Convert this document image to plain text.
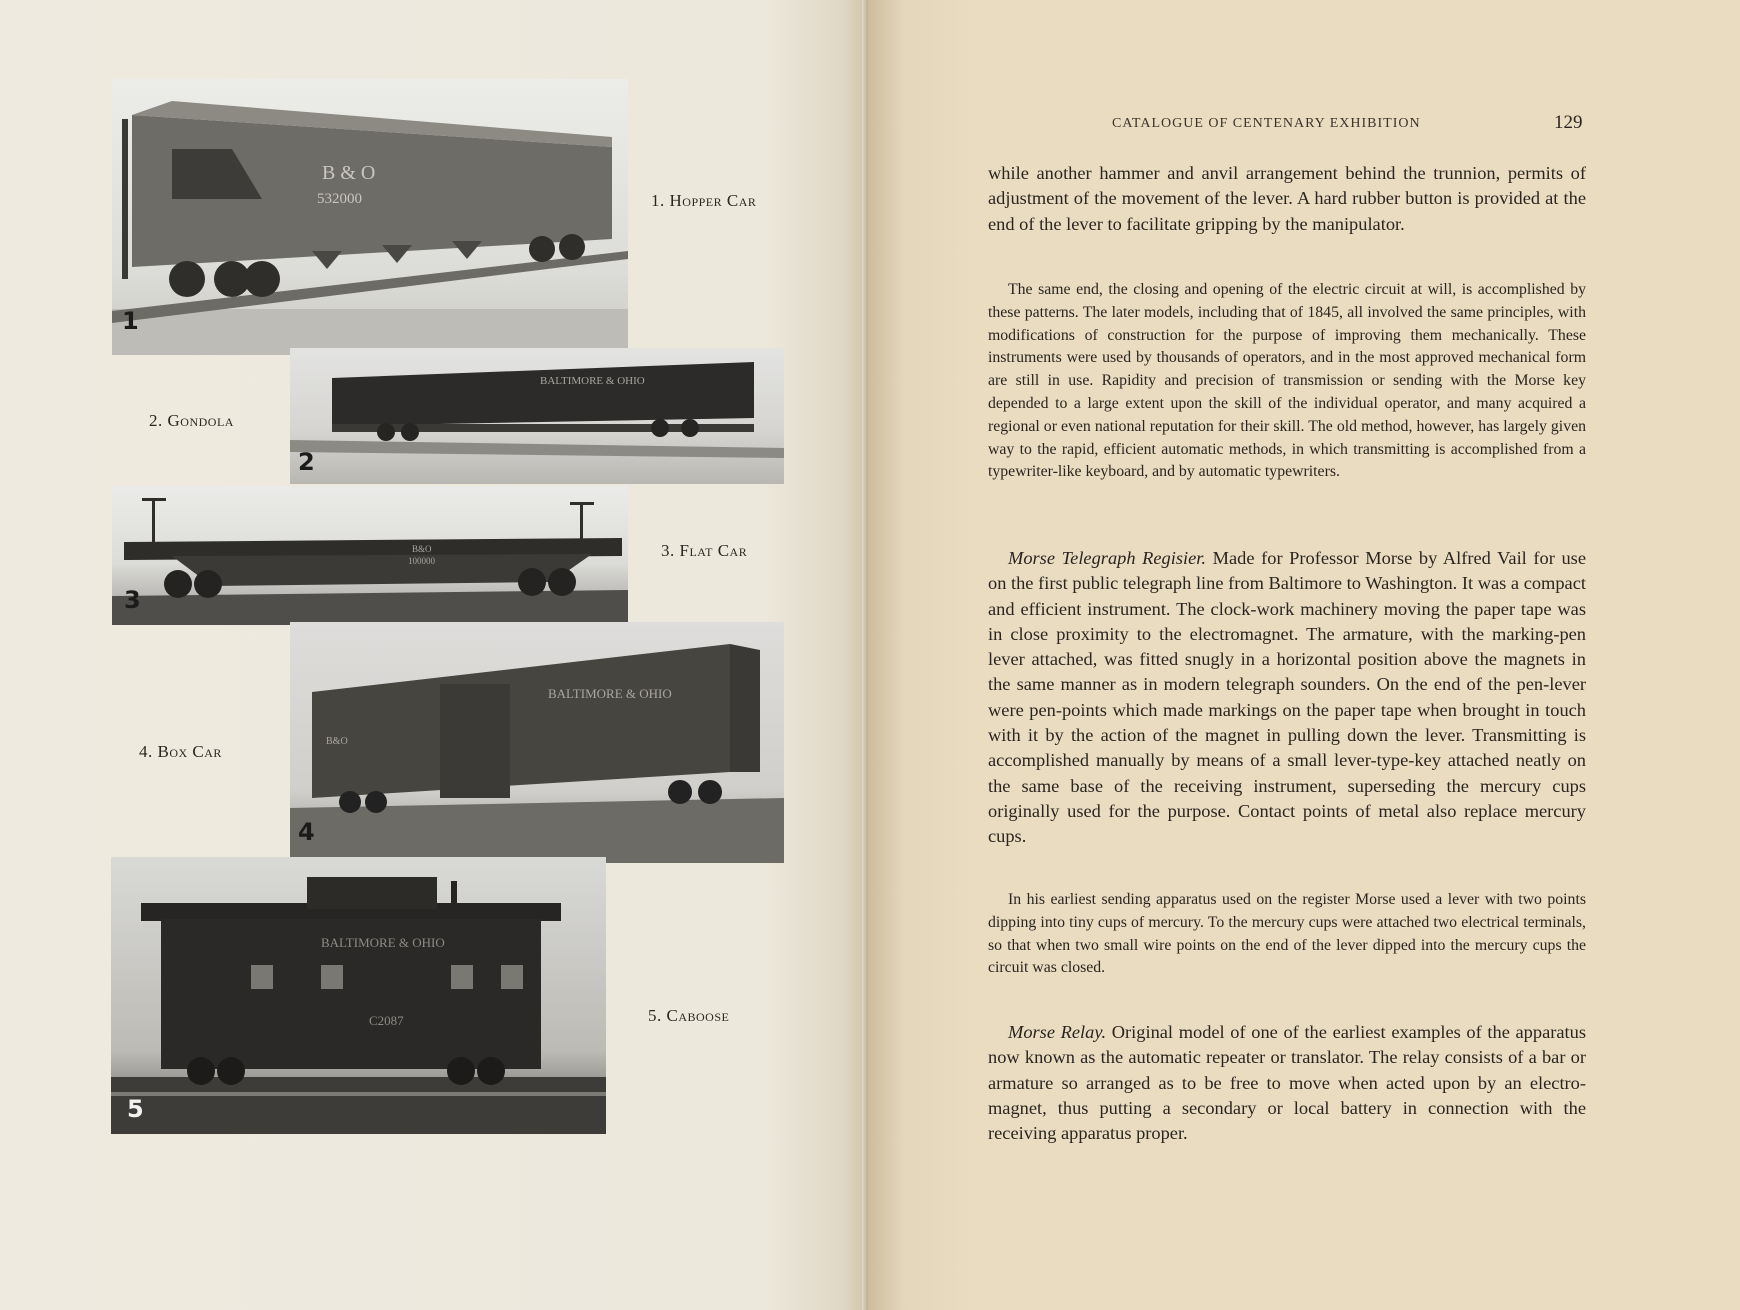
B & O
532000
1
1. Hopper Car
BALTIMORE & OHIO
2
2. Gondola
B&O
100000
3
3. Flat Car
BALTIMORE & OHIO
B&O
4
4. Box Car
BALTIMORE & OHIO
C2087
5
5. Caboose
CATALOGUE OF CENTENARY EXHIBITION	129

while another hammer and anvil arrangement behind the trunnion, permits of adjustment of the movement of the lever. A hard rubber button is provided at the end of the lever to facilitate gripping by the manipulator.

The same end, the closing and opening of the electric circuit at will, is accomplished by these patterns. The later models, including that of 1845, all involved the same principles, with modifications of construction for the purpose of improving them mechanically. These instruments were used by thousands of operators, and in the most approved mechanical form are still in use. Rapidity and precision of transmission or sending with the Morse key depended to a large extent upon the skill of the individual operator, and many acquired a regional or even national reputation for their skill. The old method, however, has largely given way to the rapid, efficient automatic methods, in which transmitting is accomplished from a typewriter-like keyboard, and by automatic typewriters.

Morse Telegraph Regisier. Made for Professor Morse by Alfred Vail for use on the first public telegraph line from Baltimore to Washington. It was a compact and efficient instrument. The clock-work machinery moving the paper tape was in close proximity to the electromagnet. The armature, with the marking-pen lever attached, was fitted snugly in a horizontal position above the magnets in the same manner as in modern telegraph sounders. On the end of the pen-lever were pen-points which made markings on the paper tape when brought in touch with it by the action of the magnet in pulling down the lever. Transmitting is accomplished manually by means of a small lever-type-key attached neatly on the same base of the receiving instrument, superseding the mercury cups originally used for the purpose. Contact points of metal also replace mercury cups.

In his earliest sending apparatus used on the register Morse used a lever with two points dipping into tiny cups of mercury. To the mercury cups were attached two electrical terminals, so that when two small wire points on the end of the lever dipped into the mercury cups the circuit was closed.

Morse Relay. Original model of one of the earliest examples of the apparatus now known as the automatic repeater or translator. The relay consists of a bar or armature so arranged as to be free to move when acted upon by an electro-magnet, thus putting a secondary or local battery in connection with the receiving apparatus proper.
